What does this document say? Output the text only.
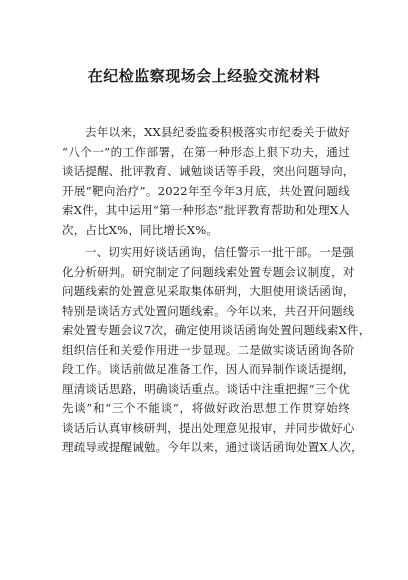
在纪检监察现场会上经验交流材料
去年以来，XX县纪委监委积极落实市纪委关于做好
“八个一”的工作部署，在第一种形态上狠下功夫，通过
谈话提醒、批评教育、诫勉谈话等手段，突出问题导向，
开展“靶向治疗”。2022年至今年3月底，共处置问题线
索X件，其中运用“第一种形态”批评教育帮助和处理X人
次，占比X%，同比增长X%。
一、切实用好谈话函询，信任警示一批干部。一是强
化分析研判。研究制定了问题线索处置专题会议制度，对
问题线索的处置意见采取集体研判，大胆使用谈话函询，
特别是谈话方式处置问题线索。今年以来，共召开问题线
索处置专题会议7次，确定使用谈话函询处置问题线索X件，
组织信任和关爱作用进一步显现。二是做实谈话函询各阶
段工作。谈话前做足准备工作，因人而异制作谈话提纲，
厘清谈话思路，明确谈话重点。谈话中注重把握“三个优
先谈”和“三个不能谈”，将做好政治思想工作贯穿始终
谈话后认真审核研判，提出处理意见报审，并同步做好心
理疏导或提醒诫勉。今年以来，通过谈话函询处置X人次，
